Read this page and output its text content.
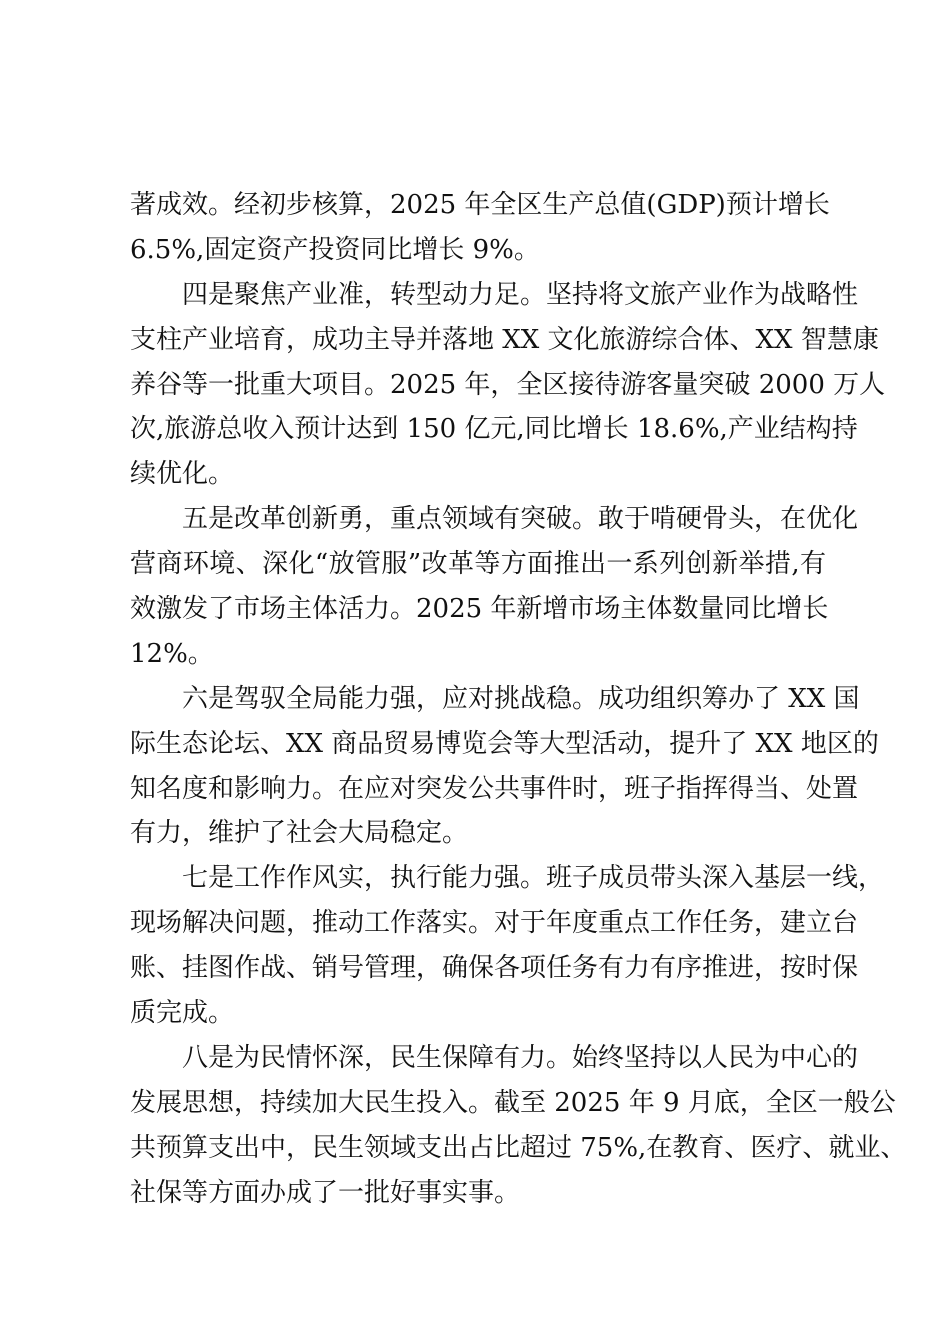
著成效。经初步核算，2025 年全区生产总值(GDP)预计增长
6.5%,固定资产投资同比增长 9%。
四是聚焦产业准，转型动力足。坚持将文旅产业作为战略性
支柱产业培育，成功主导并落地 XX 文化旅游综合体、XX 智慧康
养谷等一批重大项目。2025 年，全区接待游客量突破 2000 万人
次,旅游总收入预计达到 150 亿元,同比增长 18.6%,产业结构持
续优化。
五是改革创新勇，重点领域有突破。敢于啃硬骨头，在优化
营商环境、深化“放管服”改革等方面推出一系列创新举措,有
效激发了市场主体活力。2025 年新增市场主体数量同比增长
12%。
六是驾驭全局能力强，应对挑战稳。成功组织筹办了 XX 国
际生态论坛、XX 商品贸易博览会等大型活动，提升了 XX 地区的
知名度和影响力。在应对突发公共事件时，班子指挥得当、处置
有力，维护了社会大局稳定。
七是工作作风实，执行能力强。班子成员带头深入基层一线，
现场解决问题，推动工作落实。对于年度重点工作任务，建立台
账、挂图作战、销号管理，确保各项任务有力有序推进，按时保
质完成。
八是为民情怀深，民生保障有力。始终坚持以人民为中心的
发展思想，持续加大民生投入。截至 2025 年 9 月底，全区一般公
共预算支出中，民生领域支出占比超过 75%,在教育、医疗、就业、
社保等方面办成了一批好事实事。
